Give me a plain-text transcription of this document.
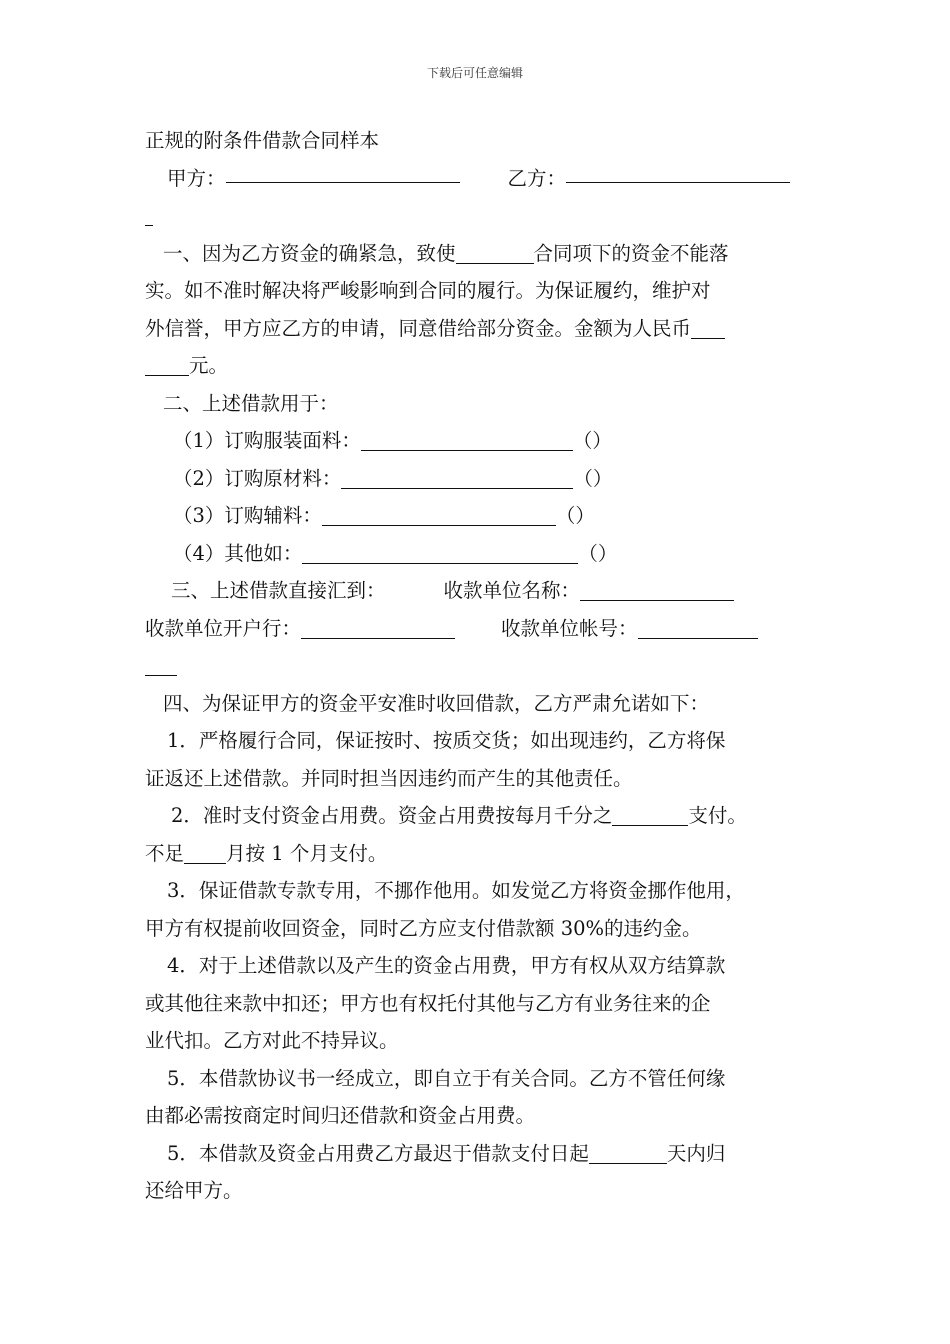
下载后可任意编辑
正规的附条件借款合同样本
甲方：	乙方：
一、因为乙方资金的确紧急，致使	合同项下的资金不能落
实。如不准时解决将严峻影响到合同的履行。为保证履约，维护对
外信誉，甲方应乙方的申请，同意借给部分资金。金额为人民币
元。
二、上述借款用于：
（1）订购服装面料：	（）
（2）订购原材料：	（）
（3）订购辅料：	（）
（4）其他如：	（）
三、上述借款直接汇到：	收款单位名称：
收款单位开户行：	收款单位帐号：
四、为保证甲方的资金平安准时收回借款，乙方严肃允诺如下：
1．严格履行合同，保证按时、按质交货；如出现违约，乙方将保
证返还上述借款。并同时担当因违约而产生的其他责任。
2．准时支付资金占用费。资金占用费按每月千分之	支付。
不足 月按 1 个月支付。
3．保证借款专款专用，不挪作他用。如发觉乙方将资金挪作他用，
甲方有权提前收回资金，同时乙方应支付借款额 30%的违约金。
4．对于上述借款以及产生的资金占用费，甲方有权从双方结算款
或其他往来款中扣还；甲方也有权托付其他与乙方有业务往来的企
业代扣。乙方对此不持异议。
5．本借款协议书一经成立，即自立于有关合同。乙方不管任何缘
由都必需按商定时间归还借款和资金占用费。
5．本借款及资金占用费乙方最迟于借款支付日起	天内归
还给甲方。
